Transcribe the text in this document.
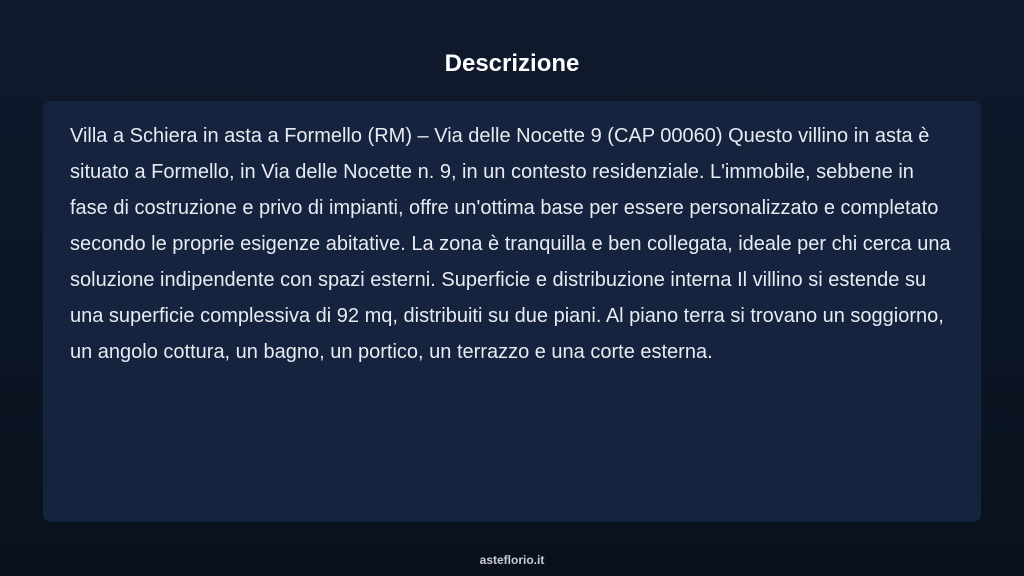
Descrizione

Villa a Schiera in asta a Formello (RM) – Via delle Nocette 9 (CAP 00060) Questo villino in asta è situato a Formello, in Via delle Nocette n. 9, in un contesto residenziale. L'immobile, sebbene in fase di costruzione e privo di impianti, offre un'ottima base per essere personalizzato e completato secondo le proprie esigenze abitative. La zona è tranquilla e ben collegata, ideale per chi cerca una soluzione indipendente con spazi esterni. Superficie e distribuzione interna Il villino si estende su una superficie complessiva di 92 mq, distribuiti su due piani. Al piano terra si trovano un soggiorno, un angolo cottura, un bagno, un portico, un terrazzo e una corte esterna.

asteflorio.it
